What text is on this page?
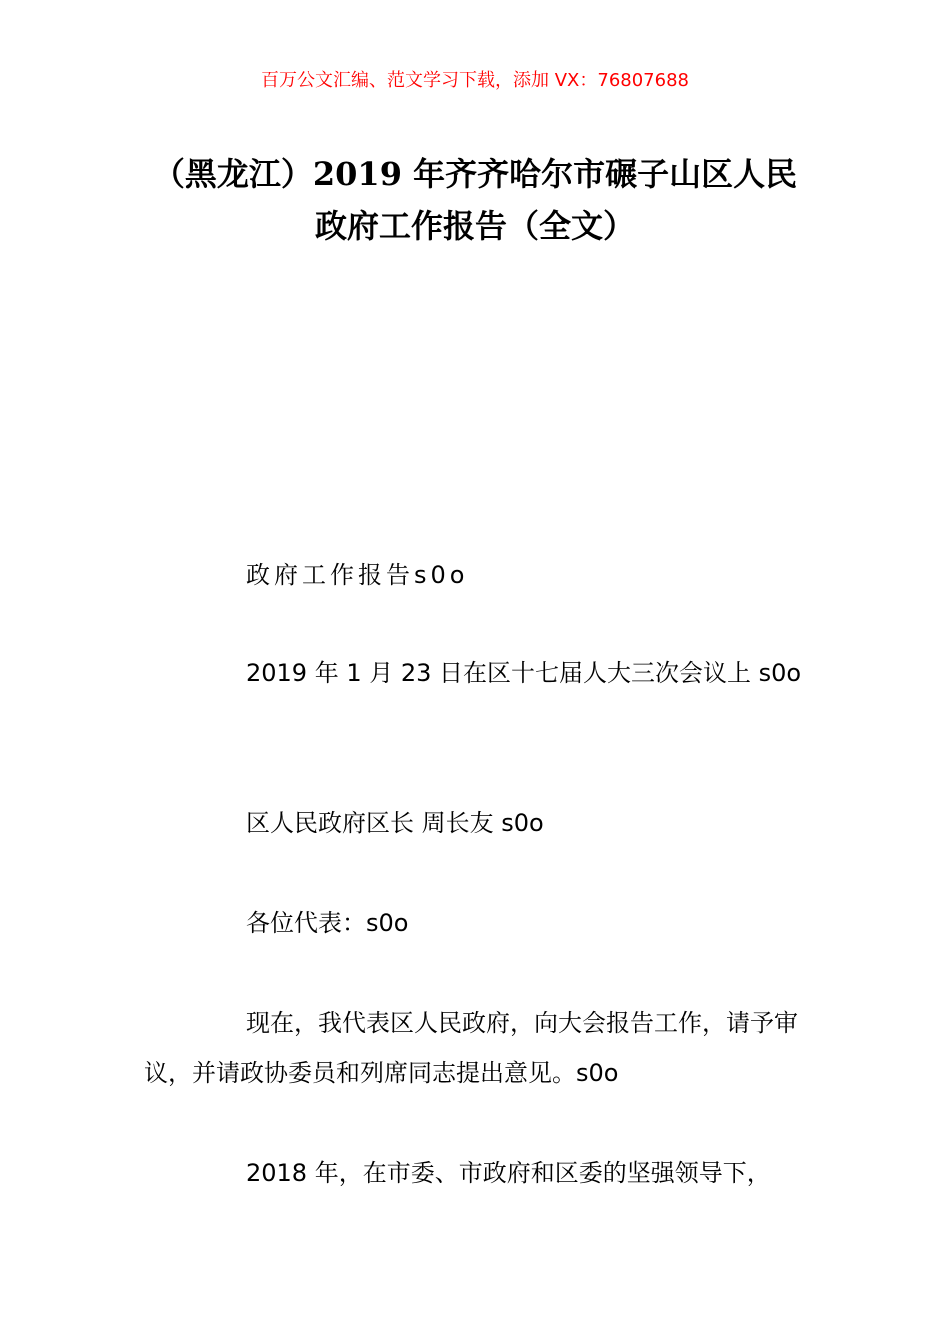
百万公文汇编、范文学习下载，添加 VX：76807688
（黑龙江）2019 年齐齐哈尔市碾子山区人民政府工作报告（全文）

政府工作报告s0o

2019 年 1 月 23 日在区十七届人大三次会议上 s0o

区人民政府区长 周长友 s0o

各位代表：s0o

现在，我代表区人民政府，向大会报告工作，请予审议，并请政协委员和列席同志提出意见。s0o

2018 年，在市委、市政府和区委的坚强领导下，
